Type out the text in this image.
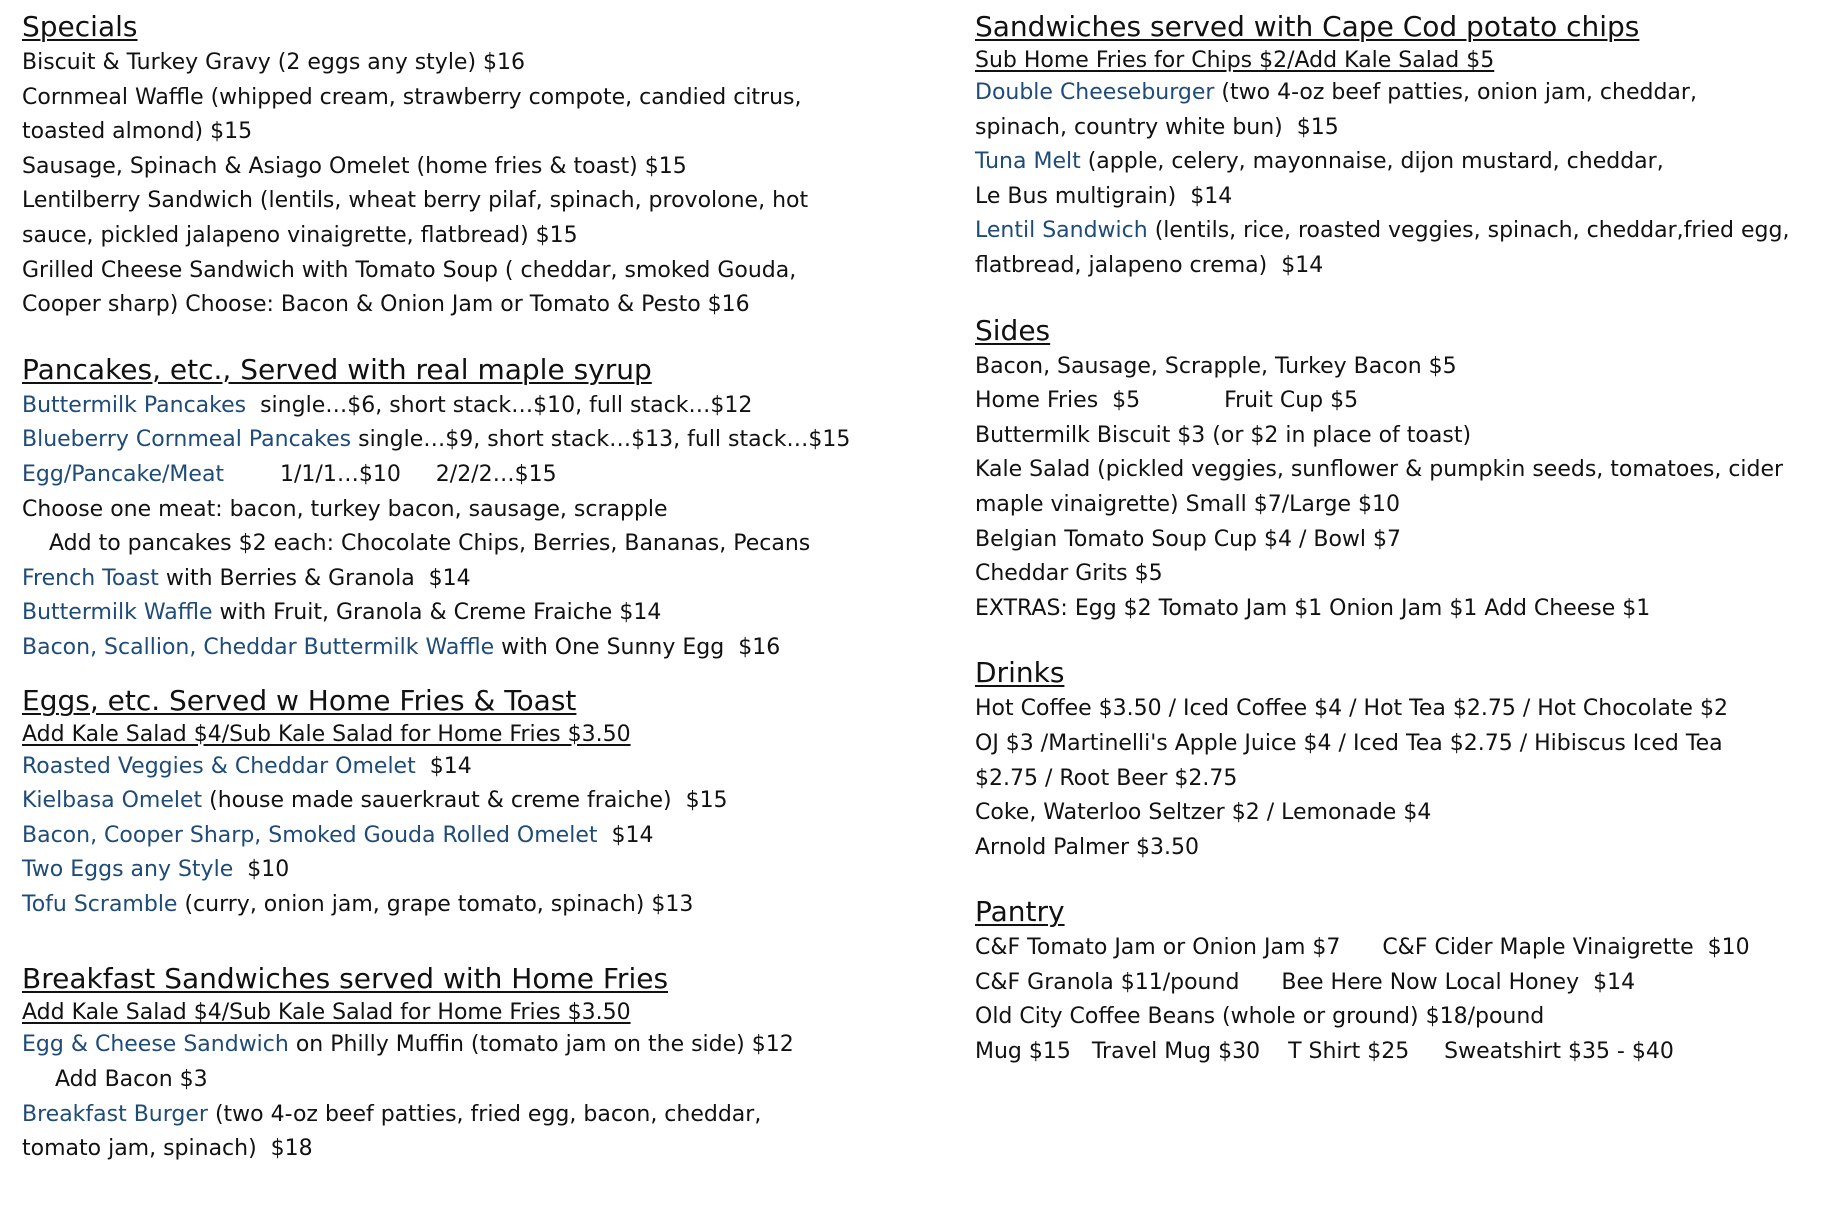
Specials
Biscuit & Turkey Gravy (2 eggs any style) $16
Cornmeal Waffle (whipped cream, strawberry compote, candied citrus,
toasted almond) $15
Sausage, Spinach & Asiago Omelet (home fries & toast) $15
Lentilberry Sandwich (lentils, wheat berry pilaf, spinach, provolone, hot
sauce, pickled jalapeno vinaigrette, flatbread) $15
Grilled Cheese Sandwich with Tomato Soup ( cheddar, smoked Gouda,
Cooper sharp) Choose: Bacon & Onion Jam or Tomato & Pesto $16
Pancakes, etc., Served with real maple syrup
Buttermilk Pancakes  single…$6, short stack…$10, full stack…$12
Blueberry Cornmeal Pancakes single…$9, short stack…$13, full stack…$15
Egg/Pancake/Meat        1/1/1…$10     2/2/2…$15
Choose one meat: bacon, turkey bacon, sausage, scrapple
Add to pancakes $2 each: Chocolate Chips, Berries, Bananas, Pecans
French Toast with Berries & Granola  $14
Buttermilk Waffle with Fruit, Granola & Creme Fraiche $14
Bacon, Scallion, Cheddar Buttermilk Waffle with One Sunny Egg  $16
Eggs, etc. Served w Home Fries & Toast
Add Kale Salad $4/Sub Kale Salad for Home Fries $3.50
Roasted Veggies & Cheddar Omelet  $14
Kielbasa Omelet (house made sauerkraut & creme fraiche)  $15
Bacon, Cooper Sharp, Smoked Gouda Rolled Omelet  $14
Two Eggs any Style  $10
Tofu Scramble (curry, onion jam, grape tomato, spinach) $13
Breakfast Sandwiches served with Home Fries
Add Kale Salad $4/Sub Kale Salad for Home Fries $3.50
Egg & Cheese Sandwich on Philly Muffin (tomato jam on the side) $12
Add Bacon $3
Breakfast Burger (two 4-oz beef patties, fried egg, bacon, cheddar,
tomato jam, spinach)  $18
Sandwiches served with Cape Cod potato chips
Sub Home Fries for Chips $2/Add Kale Salad $5
Double Cheeseburger (two 4-oz beef patties, onion jam, cheddar,
spinach, country white bun)  $15
Tuna Melt (apple, celery, mayonnaise, dijon mustard, cheddar,
Le Bus multigrain)  $14
Lentil Sandwich (lentils, rice, roasted veggies, spinach, cheddar,fried egg,
flatbread, jalapeno crema)  $14
Sides
Bacon, Sausage, Scrapple, Turkey Bacon $5
Home Fries  $5            Fruit Cup $5
Buttermilk Biscuit $3 (or $2 in place of toast)
Kale Salad (pickled veggies, sunflower & pumpkin seeds, tomatoes, cider
maple vinaigrette) Small $7/Large $10
Belgian Tomato Soup Cup $4 / Bowl $7
Cheddar Grits $5
EXTRAS: Egg $2 Tomato Jam $1 Onion Jam $1 Add Cheese $1
Drinks
Hot Coffee $3.50 / Iced Coffee $4 / Hot Tea $2.75 / Hot Chocolate $2
OJ $3 /Martinelli's Apple Juice $4 / Iced Tea $2.75 / Hibiscus Iced Tea
$2.75 / Root Beer $2.75
Coke, Waterloo Seltzer $2 / Lemonade $4
Arnold Palmer $3.50
Pantry
C&F Tomato Jam or Onion Jam $7      C&F Cider Maple Vinaigrette  $10
C&F Granola $11/pound      Bee Here Now Local Honey  $14
Old City Coffee Beans (whole or ground) $18/pound
Mug $15   Travel Mug $30    T Shirt $25     Sweatshirt $35 - $40
